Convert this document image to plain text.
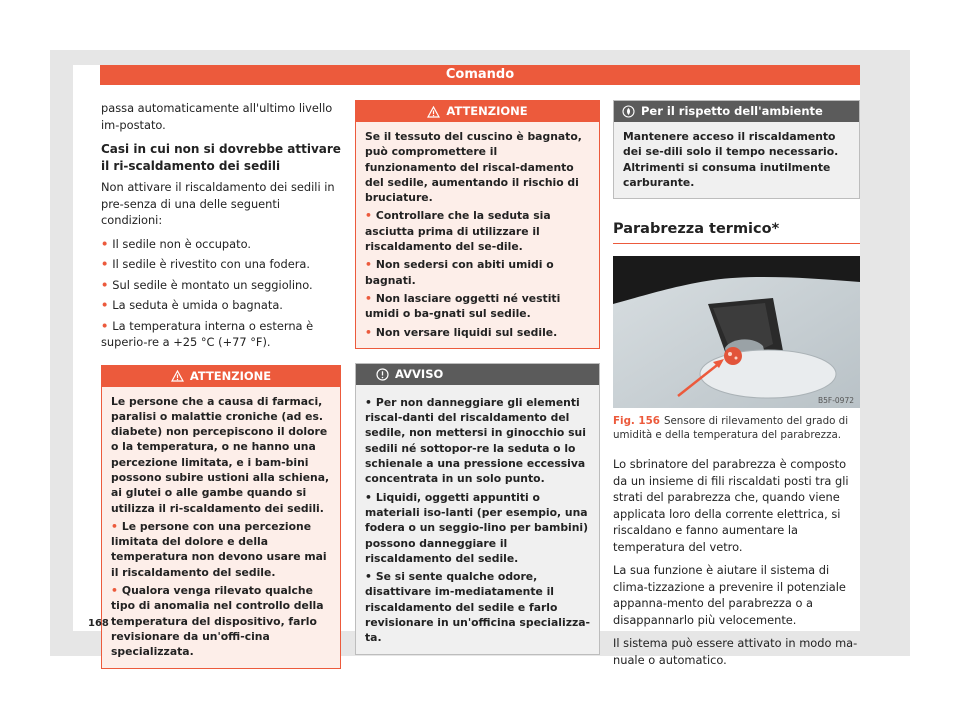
Comando

passa automaticamente all'ultimo livello im-postato.

Casi in cui non si dovrebbe attivare il ri-scaldamento dei sedili

Non attivare il riscaldamento dei sedili in pre-senza di una delle seguenti condizioni:

• Il sedile non è occupato.
• Il sedile è rivestito con una fodera.
• Sul sedile è montato un seggiolino.
• La seduta è umida o bagnata.
• La temperatura interna o esterna è superio-re a +25 °C (+77 °F).
ATTENZIONE

Le persone che a causa di farmaci, paralisi o malattie croniche (ad es. diabete) non percepiscono il dolore o la temperatura, o ne hanno una percezione limitata, e i bam-bini possono subire ustioni alla schiena, ai glutei o alle gambe quando si utilizza il ri-scaldamento dei sedili.

• Le persone con una percezione limitata del dolore e della temperatura non devono usare mai il riscaldamento del sedile.
• Qualora venga rilevato qualche tipo di anomalia nel controllo della temperatura del dispositivo, farlo revisionare da un'offi-cina specializzata.
ATTENZIONE

Se il tessuto del cuscino è bagnato, può compromettere il funzionamento del riscal-damento del sedile, aumentando il rischio di bruciature.

• Controllare che la seduta sia asciutta prima di utilizzare il riscaldamento del se-dile.
• Non sedersi con abiti umidi o bagnati.
• Non lasciare oggetti né vestiti umidi o ba-gnati sul sedile.
• Non versare liquidi sul sedile.
AVVISO
• Per non danneggiare gli elementi riscal-danti del riscaldamento del sedile, non mettersi in ginocchio sui sedili né sottopor-re la seduta o lo schienale a una pressione eccessiva concentrata in un solo punto.
• Liquidi, oggetti appuntiti o materiali iso-lanti (per esempio, una fodera o un seggio-lino per bambini) possono danneggiare il riscaldamento del sedile.
• Se si sente qualche odore, disattivare im-mediatamente il riscaldamento del sedile e farlo revisionare in un'officina specializza-ta.
Per il rispetto dell'ambiente

Mantenere acceso il riscaldamento dei se-dili solo il tempo necessario. Altrimenti si consuma inutilmente carburante.

Parabrezza termico*
B5F-0972

Fig. 156 Sensore di rilevamento del grado di umidità e della temperatura del parabrezza.

Lo sbrinatore del parabrezza è composto da un insieme di fili riscaldati posti tra gli strati del parabrezza che, quando viene applicata loro della corrente elettrica, si riscaldano e fanno aumentare la temperatura del vetro.

La sua funzione è aiutare il sistema di clima-tizzazione a prevenire il potenziale appanna-mento del parabrezza o a disappannarlo più velocemente.

Il sistema può essere attivato in modo ma-nuale o automatico.

168
